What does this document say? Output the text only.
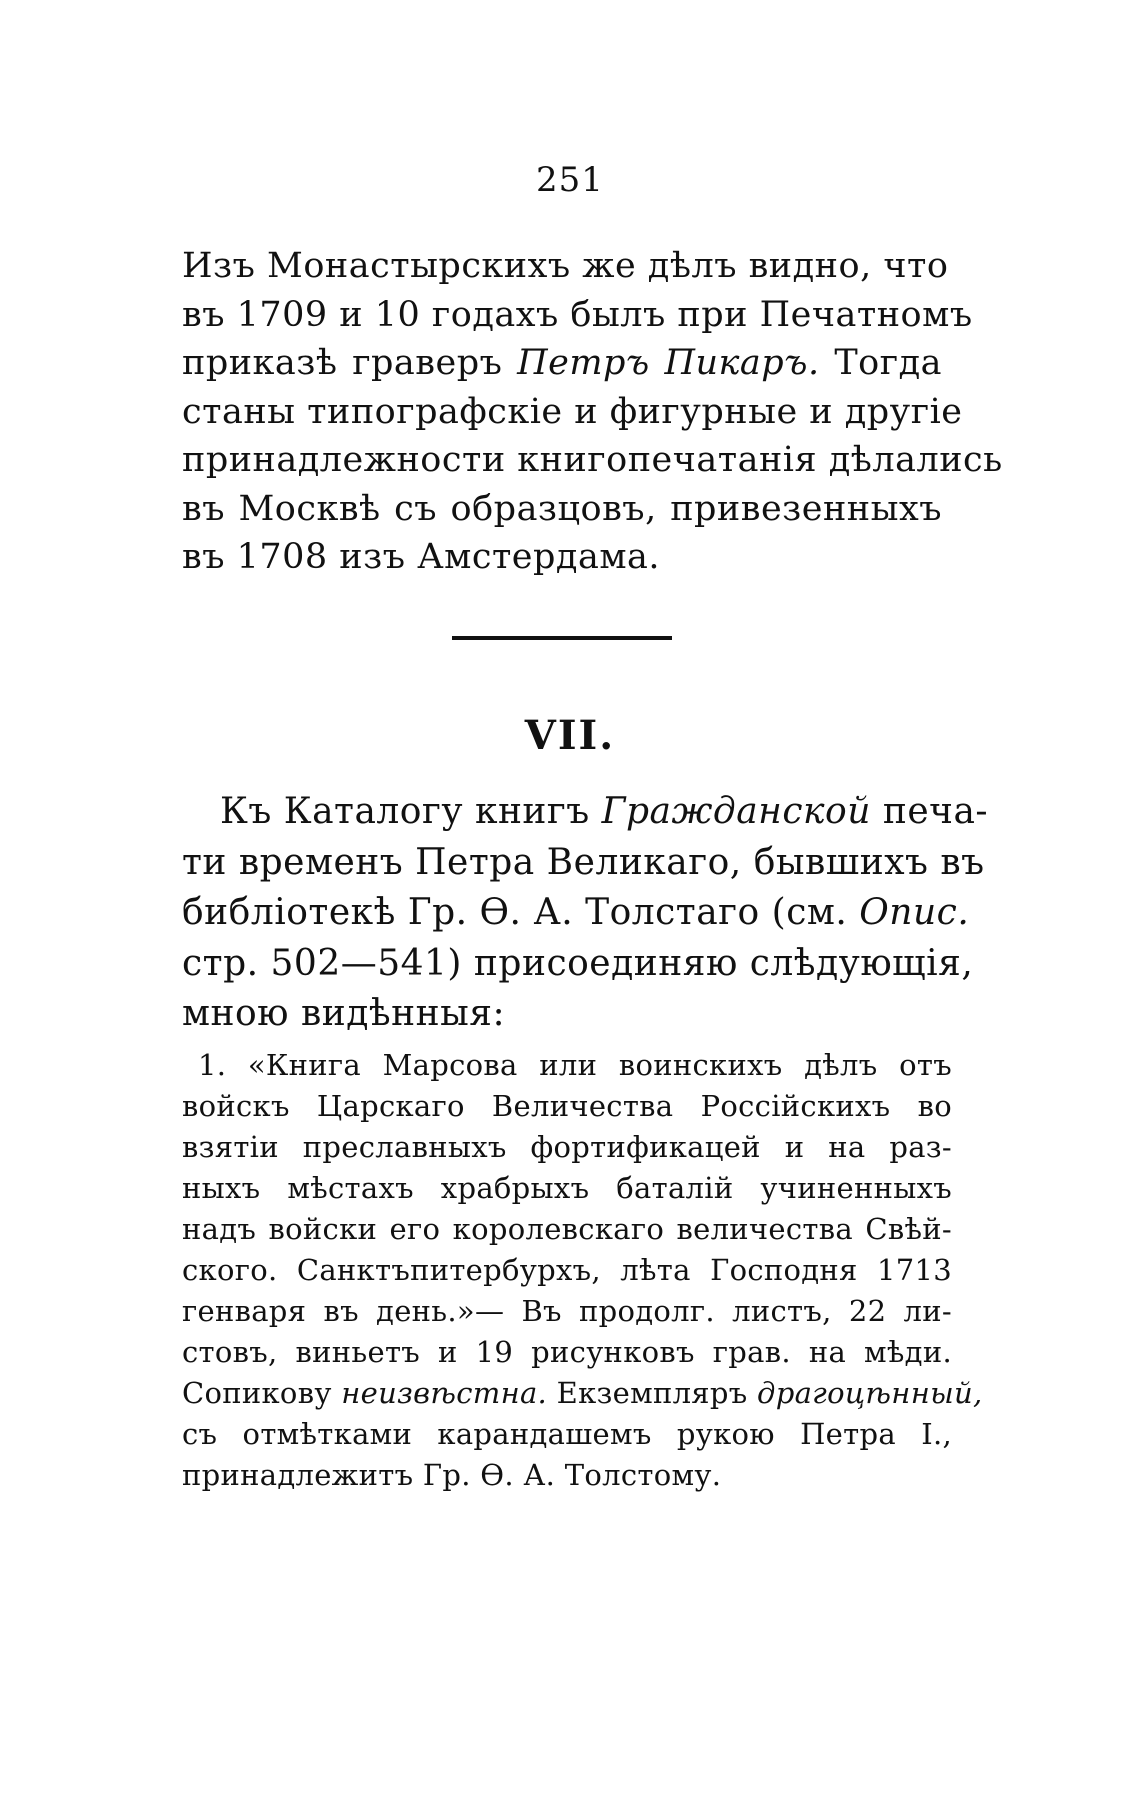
251
Изъ Монастырскихъ же дѣлъ видно, что
въ 1709 и 10 годахъ былъ при Печатномъ
приказѣ граверъ Петръ Пикаръ. Тогда
станы типографскіе и фигурные и другіе
принадлежности книгопечатанія дѣлались
въ Москвѣ съ образцовъ, привезенныхъ
въ 1708 изъ Амстердама.
VII.
Къ Каталогу книгъ Гражданской печа-
ти временъ Петра Великаго, бывшихъ въ
библіотекѣ Гр. Ѳ. А. Толстаго (см. Опис.
стр. 502—541) присоединяю слѣдующія,
мною видѣнныя:
1. «Книга Марсова или воинскихъ дѣлъ отъ
войскъ Царскаго Величества Россійскихъ во
взятіи преславныхъ фортификацей и на раз-
ныхъ мѣстахъ храбрыхъ баталій учиненныхъ
надъ войски его королевскаго величества Свѣй-
ского. Санктъпитербурхъ, лѣта Господня 1713
генваря въ день.»— Въ продолг. листъ, 22 ли-
стовъ, виньетъ и 19 рисунковъ грав. на мѣди.
Сопикову неизвѣстна. Екземпляръ драгоцѣнный,
съ отмѣтками карандашемъ рукою Петра I.,
принадлежитъ Гр. Ѳ. А. Толстому.
